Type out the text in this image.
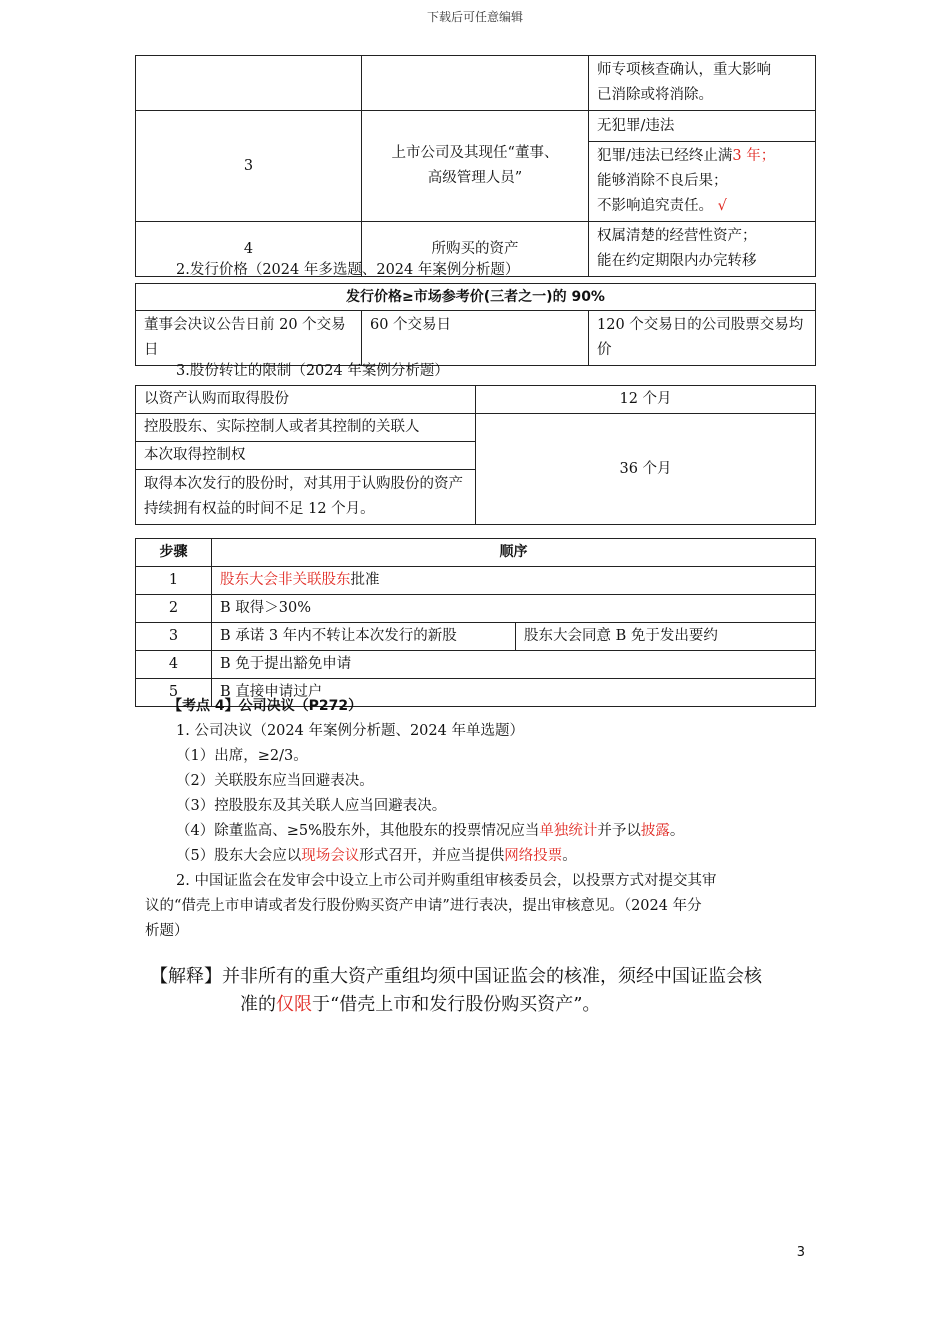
下载后可任意编辑

		师专项核查确认，重大影响
已消除或将消除。

3	上市公司及其现任“董事、
高级管理人员”	无犯罪/违法

		犯罪/违法已经终止满3 年；
能够消除不良后果；
不影响追究责任。 √

4	所购买的资产	权属清楚的经营性资产；
能在约定期限内办完转移
2.发行价格（2024 年多选题、2024 年案例分析题）
发行价格≥市场参考价(三者之一)的 90%
董事会决议公告日前 20 个交易日	60 个交易日	120 个交易日的公司股票交易均价
3.股份转让的限制（2024 年案例分析题）
以资产认购而取得股份	12 个月
控股股东、实际控制人或者其控制的关联人	36 个月
本次取得控制权	
取得本次发行的股份时，对其用于认购股份的资产持续拥有权益的时间不足 12 个月。	
步骤	顺序	
1	股东大会非关联股东批准	
2	B 取得＞30%	
3	B 承诺 3 年内不转让本次发行的新股	股东大会同意 B 免于发出要约
4	B 免于提出豁免申请	
5	B 直接申请过户	
【考点 4】公司决议（P272）
1. 公司决议（2024 年案例分析题、2024 年单选题）
（1）出席，≥2/3。
（2）关联股东应当回避表决。
（3）控股股东及其关联人应当回避表决。
（4）除董监高、≥5%股东外，其他股东的投票情况应当单独统计并予以披露。
（5）股东大会应以现场会议形式召开，并应当提供网络投票。
2. 中国证监会在发审会中设立上市公司并购重组审核委员会，以投票方式对提交其审
议的“借壳上市申请或者发行股份购买资产申请”进行表决，提出审核意见。（2024 年分
析题）
【解释】并非所有的重大资产重组均须中国证监会的核准，须经中国证监会核
准的仅限于“借壳上市和发行股份购买资产”。
3
